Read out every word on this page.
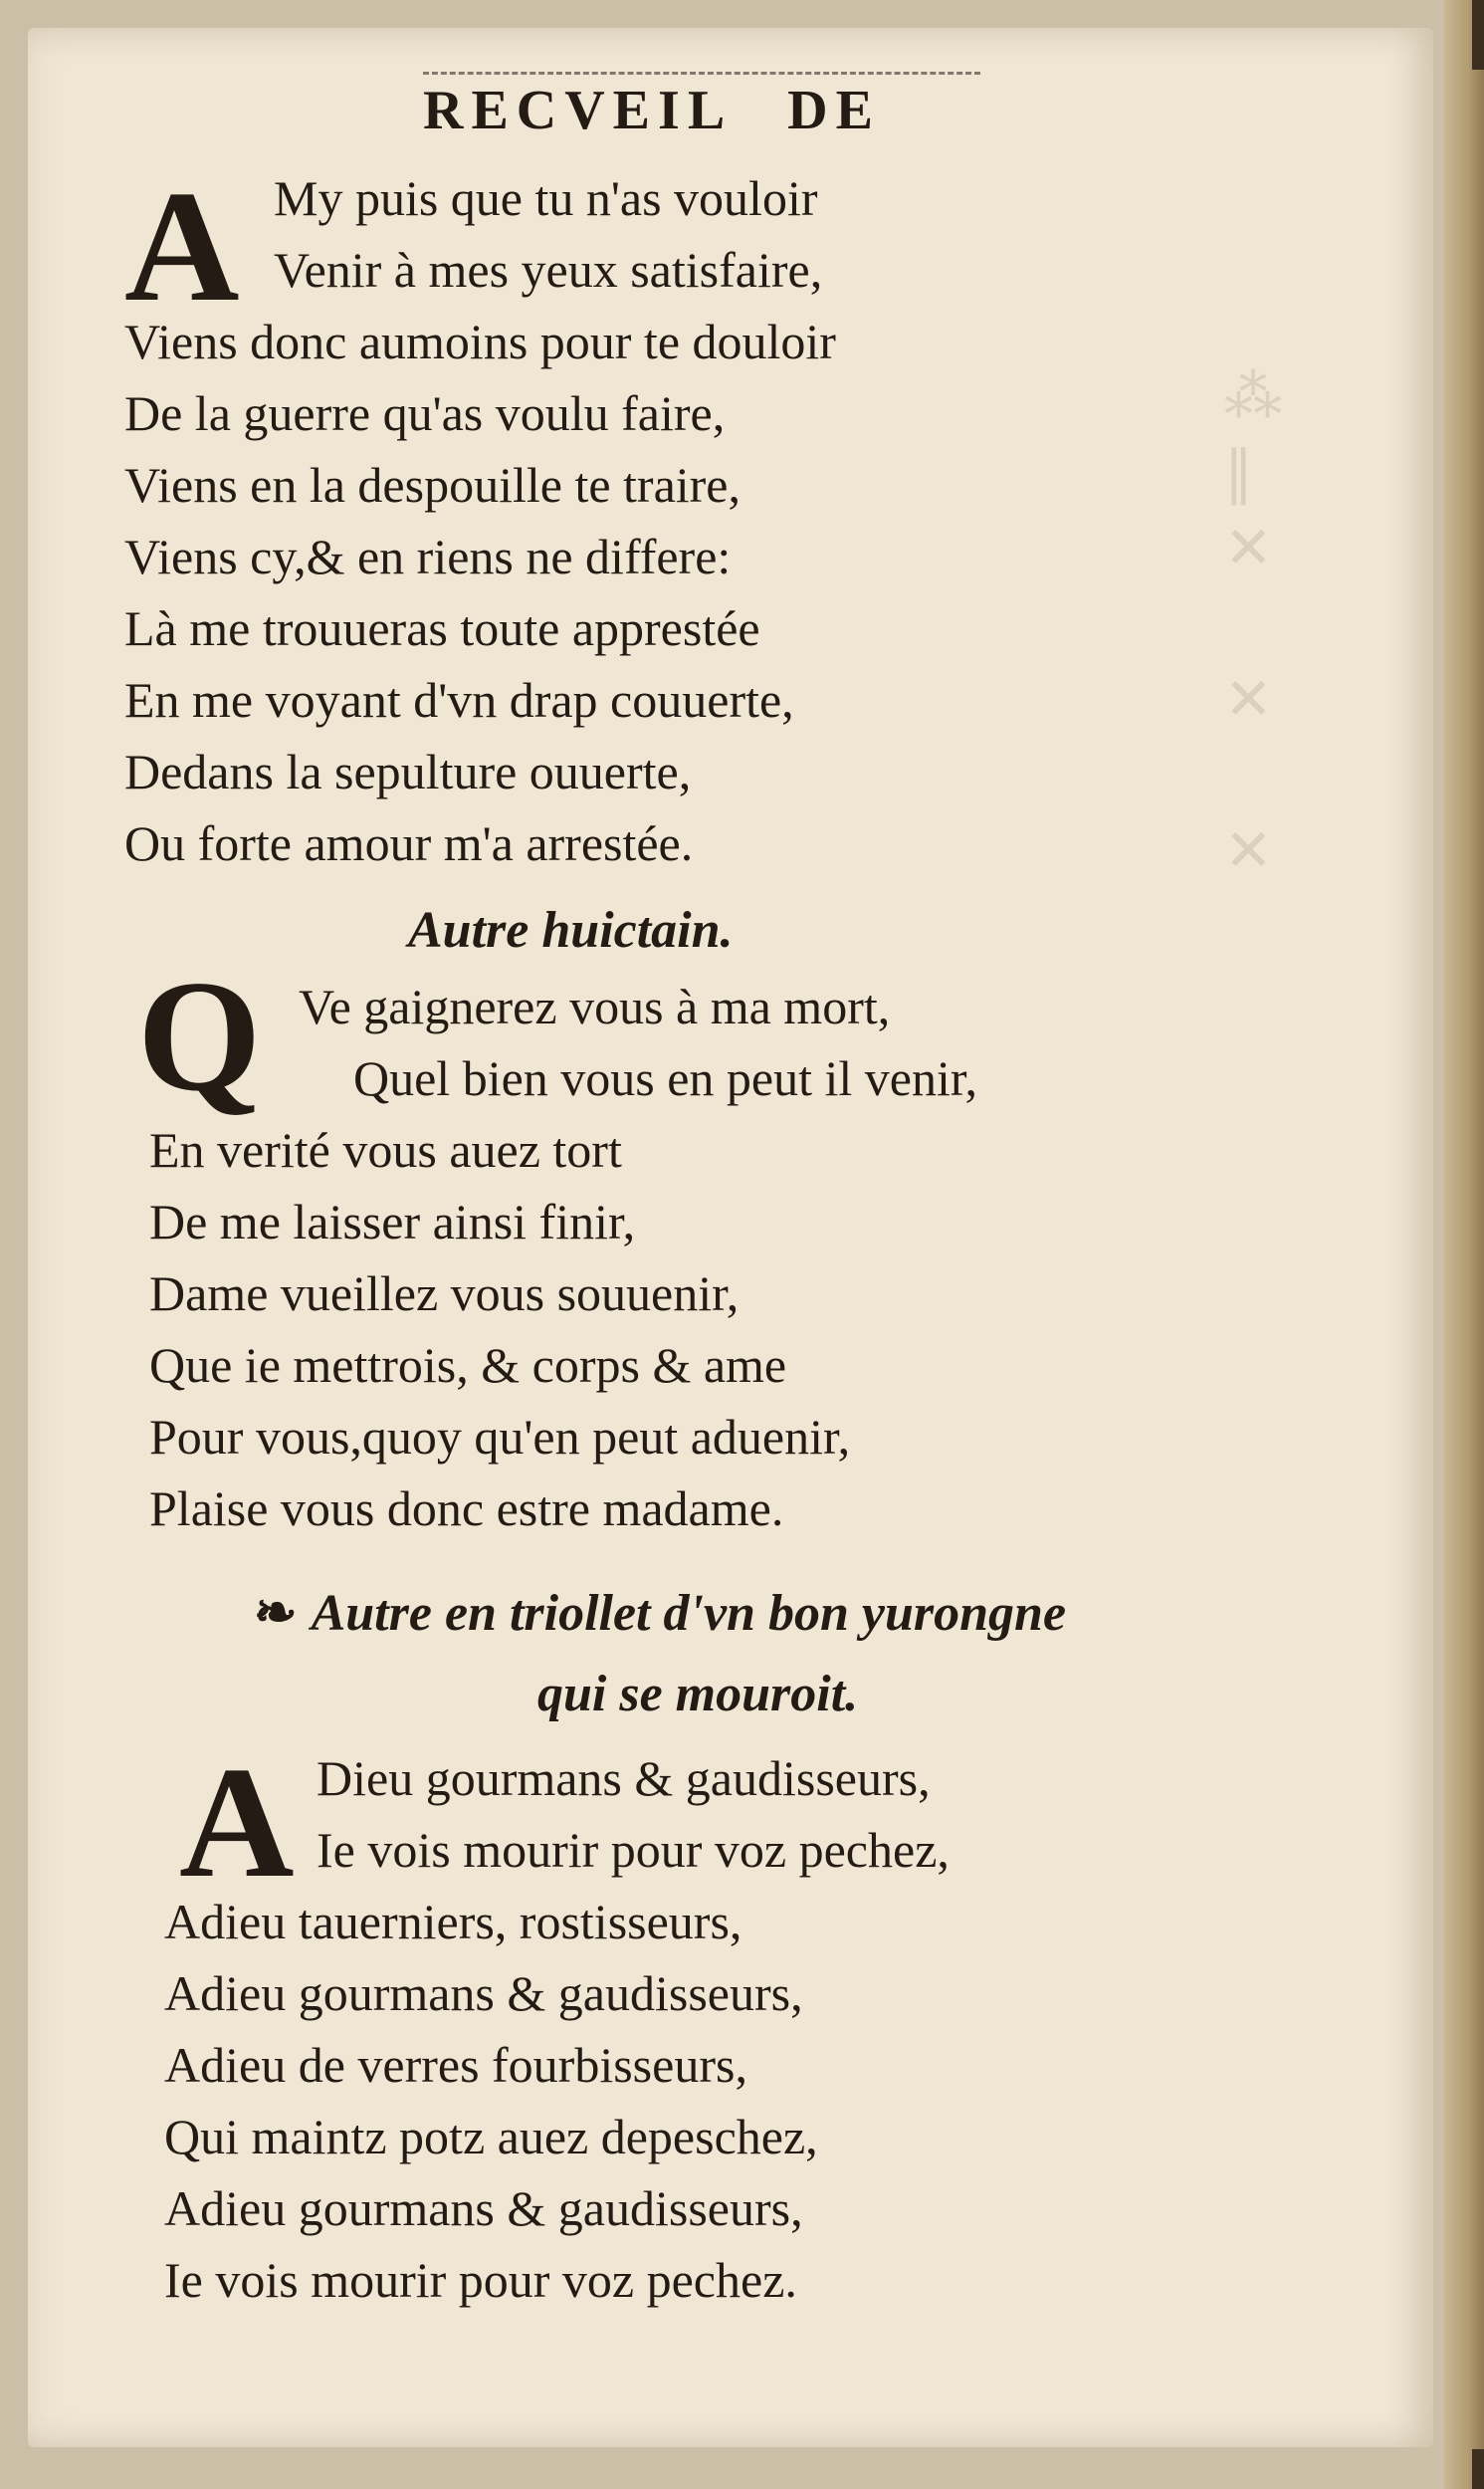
⁂
‖
✕

✕

✕
RECVEIL DE
A My puis que tu n'as vouloir
Venir à mes yeux satisfaire,
Viens donc aumoins pour te douloir
De la guerre qu'as voulu faire,
Viens en la despouille te traire,
Viens cy,& en riens ne differe:
Là me trouueras toute apprestée
En me voyant d'vn drap couuerte,
Dedans la sepulture ouuerte,
Ou forte amour m'a arrestée.
Autre huictain.
Q Ve gaignerez vous à ma mort,
Quel bien vous en peut il venir,
En verité vous auez tort
De me laisser ainsi finir,
Dame vueillez vous souuenir,
Que ie mettrois, & corps & ame
Pour vous,quoy qu'en peut aduenir,
Plaise vous donc estre madame.
❧ Autre en triollet d'vn bon yurongne
qui se mouroit.
A Dieu gourmans & gaudisseurs,
Ie vois mourir pour voz pechez,
Adieu tauerniers, rostisseurs,
Adieu gourmans & gaudisseurs,
Adieu de verres fourbisseurs,
Qui maintz potz auez depeschez,
Adieu gourmans & gaudisseurs,
Ie vois mourir pour voz pechez.
